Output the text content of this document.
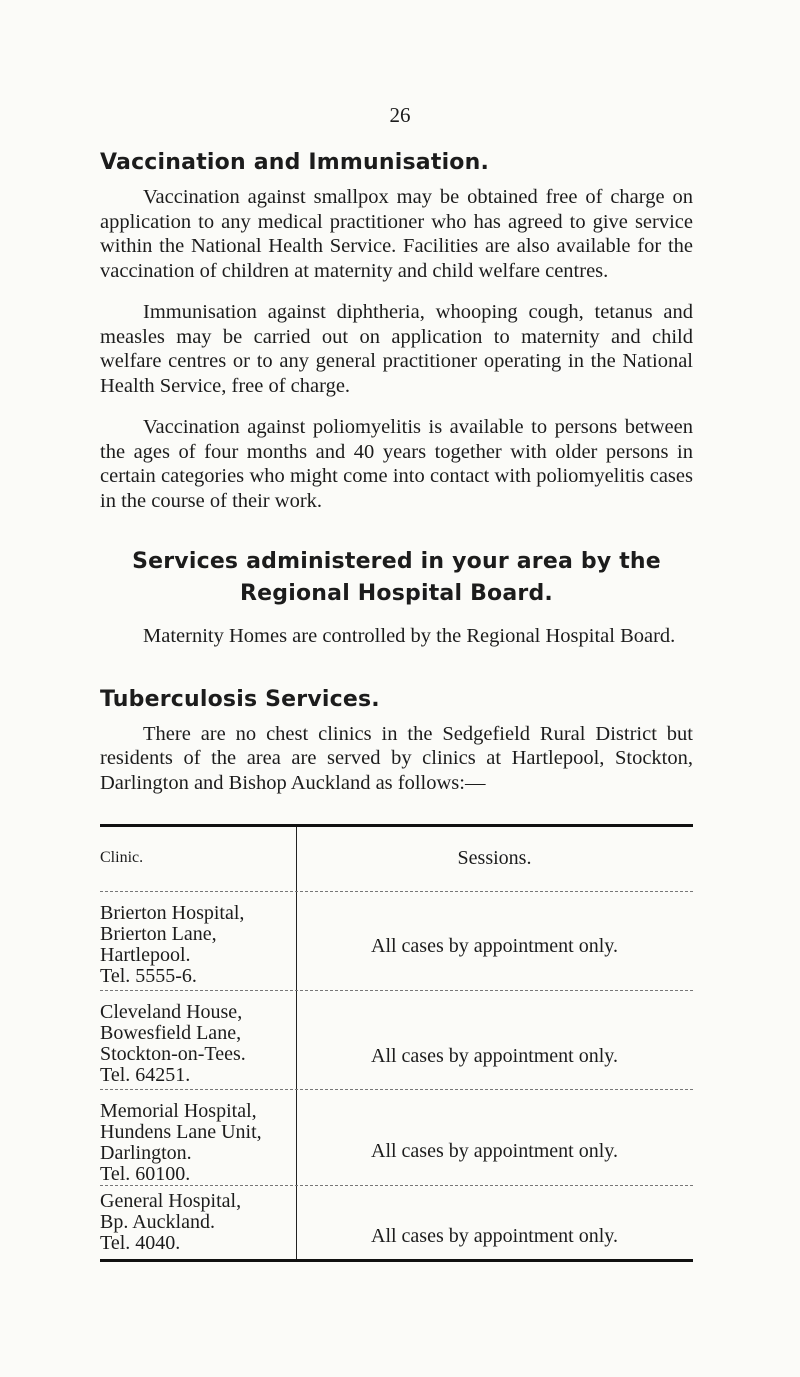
26
Vaccination and Immunisation.

Vaccination against smallpox may be obtained free of charge on application to any medical practitioner who has agreed to give service within the National Health Service. Facilities are also available for the vaccination of children at maternity and child welfare centres.

Immunisation against diphtheria, whooping cough, tetanus and measles may be carried out on application to maternity and child welfare centres or to any general practitioner operating in the National Health Service, free of charge.

Vaccination against poliomyelitis is available to persons between the ages of four months and 40 years together with older persons in certain categories who might come into contact with poliomyelitis cases in the course of their work.

Services administered in your area by the
Regional Hospital Board.

Maternity Homes are controlled by the Regional Hospital Board.

Tuberculosis Services.

There are no chest clinics in the Sedgefield Rural District but residents of the area are served by clinics at Hartlepool, Stockton, Darlington and Bishop Auckland as follows:—

Clinic.	Sessions.
Brierton Hospital,
Brierton Lane,
Hartlepool.
Tel. 5555-6.
All cases by appointment only.
Cleveland House,
Bowesfield Lane,
Stockton-on-Tees.
Tel. 64251.
All cases by appointment only.
Memorial Hospital,
Hundens Lane Unit,
Darlington.
Tel. 60100.
All cases by appointment only.
General Hospital,
Bp. Auckland.
Tel. 4040.	All cases by appointment only.
